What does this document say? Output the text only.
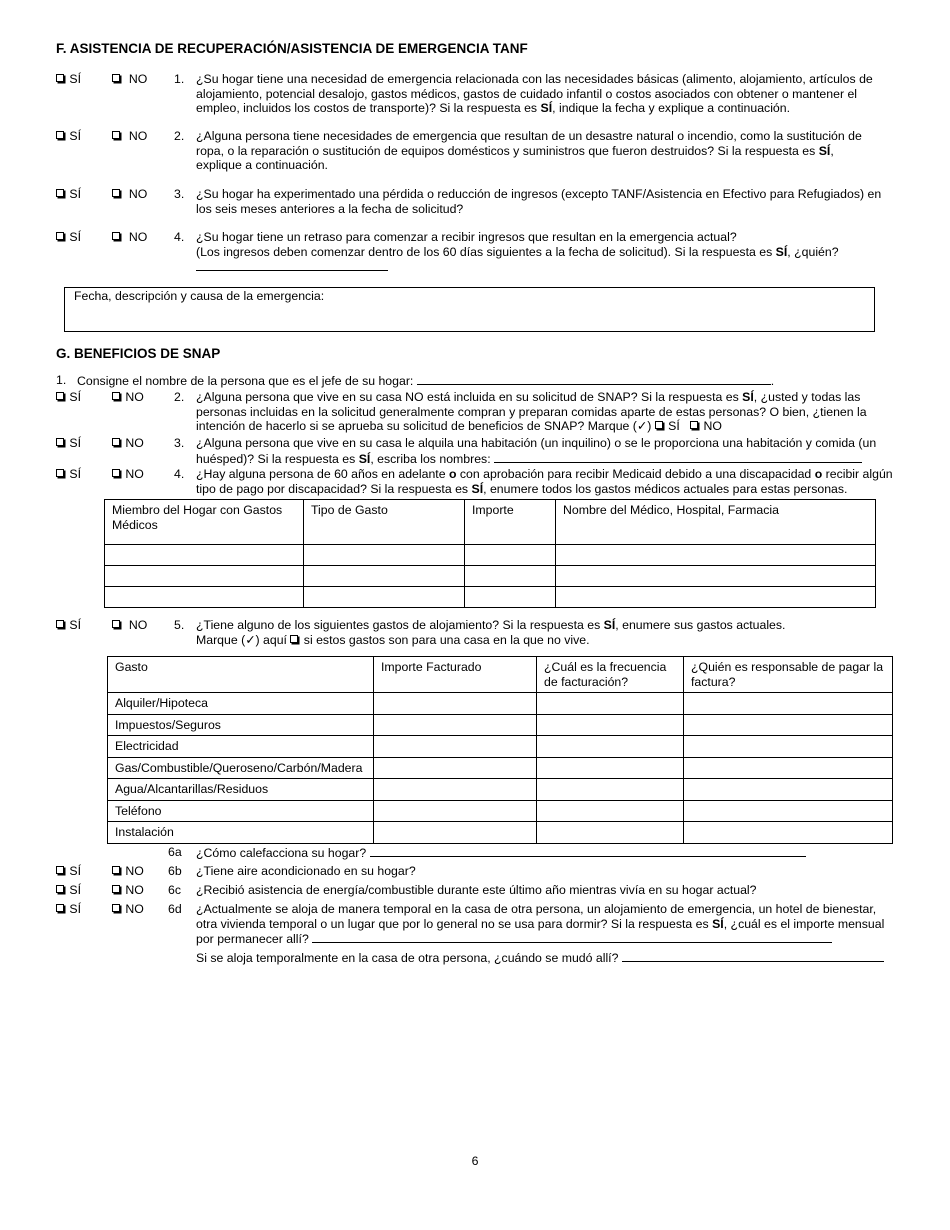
F. ASISTENCIA DE RECUPERACIÓN/ASISTENCIA DE EMERGENCIA TANF
SÍ	NO 1. ¿Su hogar tiene una necesidad de emergencia relacionada con las necesidades básicas (alimento, alojamiento, artículos de alojamiento, potencial desalojo, gastos médicos, gastos de cuidado infantil o costos asociados con obtener o mantener el empleo, incluidos los costos de transporte)? Si la respuesta es SÍ, indique la fecha y explique a continuación.
SÍ	NO 2. ¿Alguna persona tiene necesidades de emergencia que resultan de un desastre natural o incendio, como la sustitución de ropa, o la reparación o sustitución de equipos domésticos y suministros que fueron destruidos? Si la respuesta es SÍ, explique a continuación.
SÍ	NO 3. ¿Su hogar ha experimentado una pérdida o reducción de ingresos (excepto TANF/Asistencia en Efectivo para Refugiados) en los seis meses anteriores a la fecha de solicitud?
SÍ	NO 4. ¿Su hogar tiene un retraso para comenzar a recibir ingresos que resultan en la emergencia actual?
(Los ingresos deben comenzar dentro de los 60 días siguientes a la fecha de solicitud). Si la respuesta es SÍ, ¿quién?
Fecha, descripción y causa de la emergencia:
G. BENEFICIOS DE SNAP
1. Consigne el nombre de la persona que es el jefe de su hogar:	.
SÍ	NO 2. ¿Alguna persona que vive en su casa NO está incluida en su solicitud de SNAP? Si la respuesta es SÍ, ¿usted y todas las personas incluidas en la solicitud generalmente compran y preparan comidas aparte de estas personas? O bien, ¿tienen la intención de hacerlo si se aprueba su solicitud de beneficios de SNAP? Marque (✓)  SÍ NO
SÍ	NO 3. ¿Alguna persona que vive en su casa le alquila una habitación (un inquilino) o se le proporciona una habitación y comida (un huésped)? Si la respuesta es SÍ, escriba los nombres:
SÍ	NO 4. ¿Hay alguna persona de 60 años en adelante o con aprobación para recibir Medicaid debido a una discapacidad o recibir algún tipo de pago por discapacidad? Si la respuesta es SÍ, enumere todos los gastos médicos actuales para estas personas.
Miembro del Hogar con Gastos Médicos	Tipo de Gasto	Importe	Nombre del Médico, Hospital, Farmacia

SÍ	NO 5. ¿Tiene alguno de los siguientes gastos de alojamiento? Si la respuesta es SÍ, enumere sus gastos actuales.
Marque (✓) aquí  si estos gastos son para una casa en la que no vive.
Gasto	Importe Facturado	¿Cuál es la frecuencia de facturación?	¿Quién es responsable de pagar la factura?
Alquiler/Hipoteca			
Impuestos/Seguros			
Electricidad			
Gas/Combustible/Queroseno/Carbón/Madera			
Agua/Alcantarillas/Residuos			
Teléfono			
Instalación			
6a ¿Cómo calefacciona su hogar?
SÍ	NO 6b ¿Tiene aire acondicionado en su hogar?
SÍ	NO 6c ¿Recibió asistencia de energía/combustible durante este último año mientras vivía en su hogar actual?
SÍ	NO 6d ¿Actualmente se aloja de manera temporal en la casa de otra persona, un alojamiento de emergencia, un hotel de bienestar, otra vivienda temporal o un lugar que por lo general no se usa para dormir? Si la respuesta es SÍ, ¿cuál es el importe mensual por permanecer allí?
Si se aloja temporalmente en la casa de otra persona, ¿cuándo se mudó allí?
6
